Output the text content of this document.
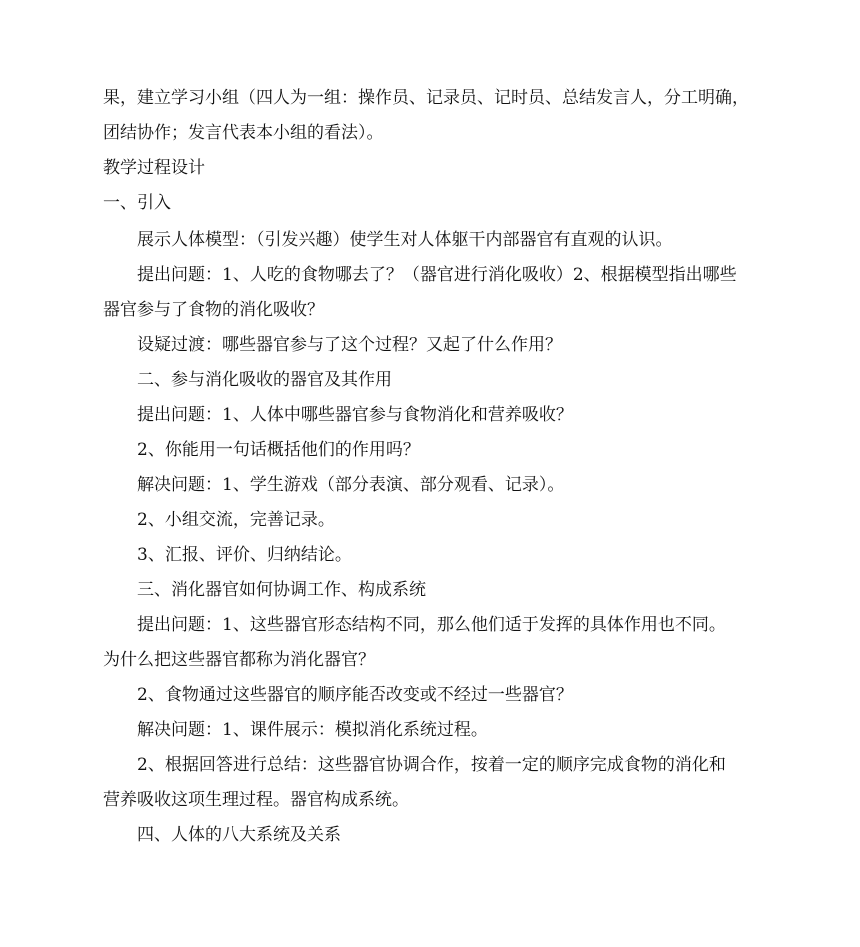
果，建立学习小组（四人为一组：操作员、记录员、记时员、总结发言人，分工明确，

团结协作；发言代表本小组的看法）。

教学过程设计

一、引入

展示人体模型：（引发兴趣）使学生对人体躯干内部器官有直观的认识。

提出问题：1、人吃的食物哪去了？（器官进行消化吸收）2、根据模型指出哪些

器官参与了食物的消化吸收？

设疑过渡：哪些器官参与了这个过程？又起了什么作用？

二、参与消化吸收的器官及其作用

提出问题：1、人体中哪些器官参与食物消化和营养吸收？

2、你能用一句话概括他们的作用吗？

解决问题：1、学生游戏（部分表演、部分观看、记录）。

2、小组交流，完善记录。

3、汇报、评价、归纳结论。

三、消化器官如何协调工作、构成系统

提出问题：1、这些器官形态结构不同，那么他们适于发挥的具体作用也不同。

为什么把这些器官都称为消化器官？

2、食物通过这些器官的顺序能否改变或不经过一些器官？

解决问题：1、课件展示：模拟消化系统过程。

2、根据回答进行总结：这些器官协调合作，按着一定的顺序完成食物的消化和

营养吸收这项生理过程。器官构成系统。

四、人体的八大系统及关系
